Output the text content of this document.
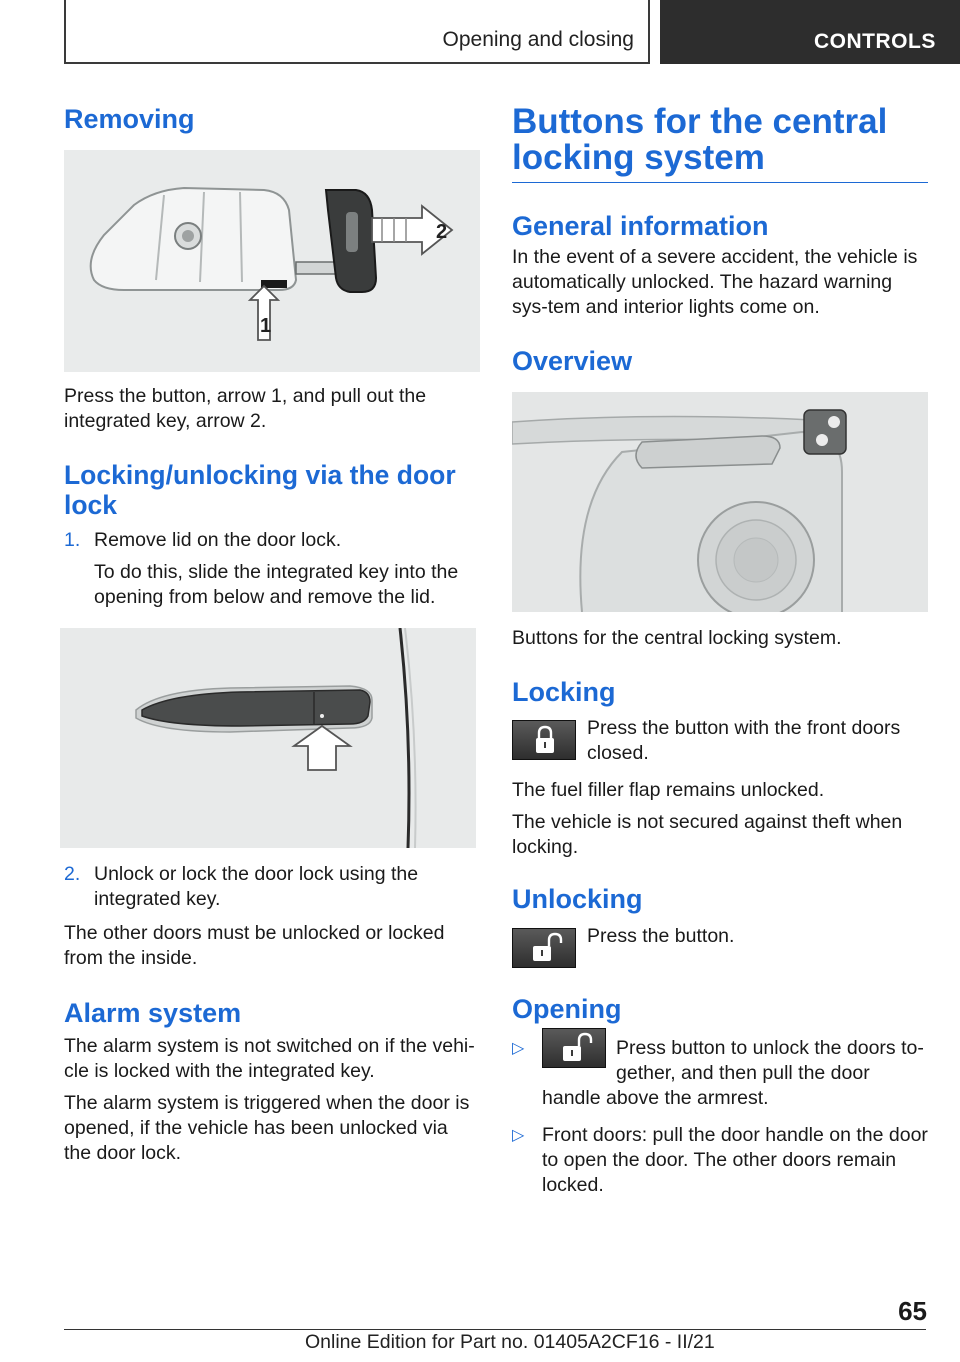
Opening and closing	CONTROLS
Removing
2
1

Press the button, arrow 1, and pull out the integrated key, arrow 2.

Locking/unlocking via the door lock
1. Remove lid on the door lock.
To do this, slide the integrated key into the opening from below and remove the lid.
2. Unlock or lock the door lock using the integrated key.

The other doors must be unlocked or locked from the inside.

Alarm system

The alarm system is not switched on if the vehi‐cle is locked with the integrated key.

The alarm system is triggered when the door is opened, if the vehicle has been unlocked via the door lock.

Buttons for the central locking system
General information

In the event of a severe accident, the vehicle is automatically unlocked. The hazard warning sys‐tem and interior lights come on.

Overview

Buttons for the central locking system.

Locking

Press the button with the front doors closed.

The fuel filler flap remains unlocked.

The vehicle is not secured against theft when locking.

Unlocking

Press the button.

Opening
▷	Press button to unlock the doors to‐gether, and then pull the door handle above the armrest.
▷ Front doors: pull the door handle on the door to open the door. The other doors remain locked.
65
Online Edition for Part no. 01405A2CF16 - II/21
